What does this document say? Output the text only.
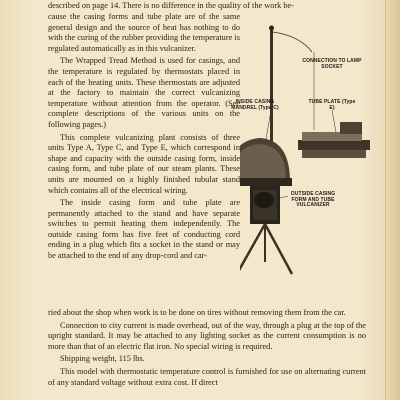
described on page 14. There is no difference in the quality of the work be-

cause the casing forms and tube plate are of the same general design and the source of heat has nothing to do with the curing of the rubber providing the temperature is regulated automatically as in this vulcanizer.

The Wrapped Tread Method is used for casings, and the temperature is regulated by thermostats placed in each of the heating units. These thermostats are adjusted at the factory to maintain the correct vulcanizing temperature without attention from the operator. (See complete descriptions of the various units on the following pages.)

This complete vulcanizing plant consists of three units Type A, Type C, and Type E, which correspond in shape and capacity with the outside casing form, inside casing form, and tube plate of our steam plants. These units are mounted on a highly finished tubular stand which contains all of the electrical wiring.

The inside casing form and tube plate are permanently attached to the stand and have separate switches to permit heating them independently. The outside casing form has five feet of conducting cord ending in a plug which fits a socket in the stand or may be attached to the end of any drop-cord and car-

ried about the shop when work is to be done on tires without removing them from the car.

Connection to city current is made overhead, out of the way, through a plug at the top of the upright standard. It may be attached to any lighting socket as the current consumption is no more than that of an electric flat iron. No special wiring is required.

Shipping weight, 115 lbs.

This model with thermostatic temperature control is furnished for use on alternating current of any standard voltage without extra cost. If direct

CONNECTION TO LAMP SOCKET
INSIDE CASING MANDREL (Type C)
TUBE PLATE (Type E)
OUTSIDE CASING FORM AND TUBE VULCANIZER
